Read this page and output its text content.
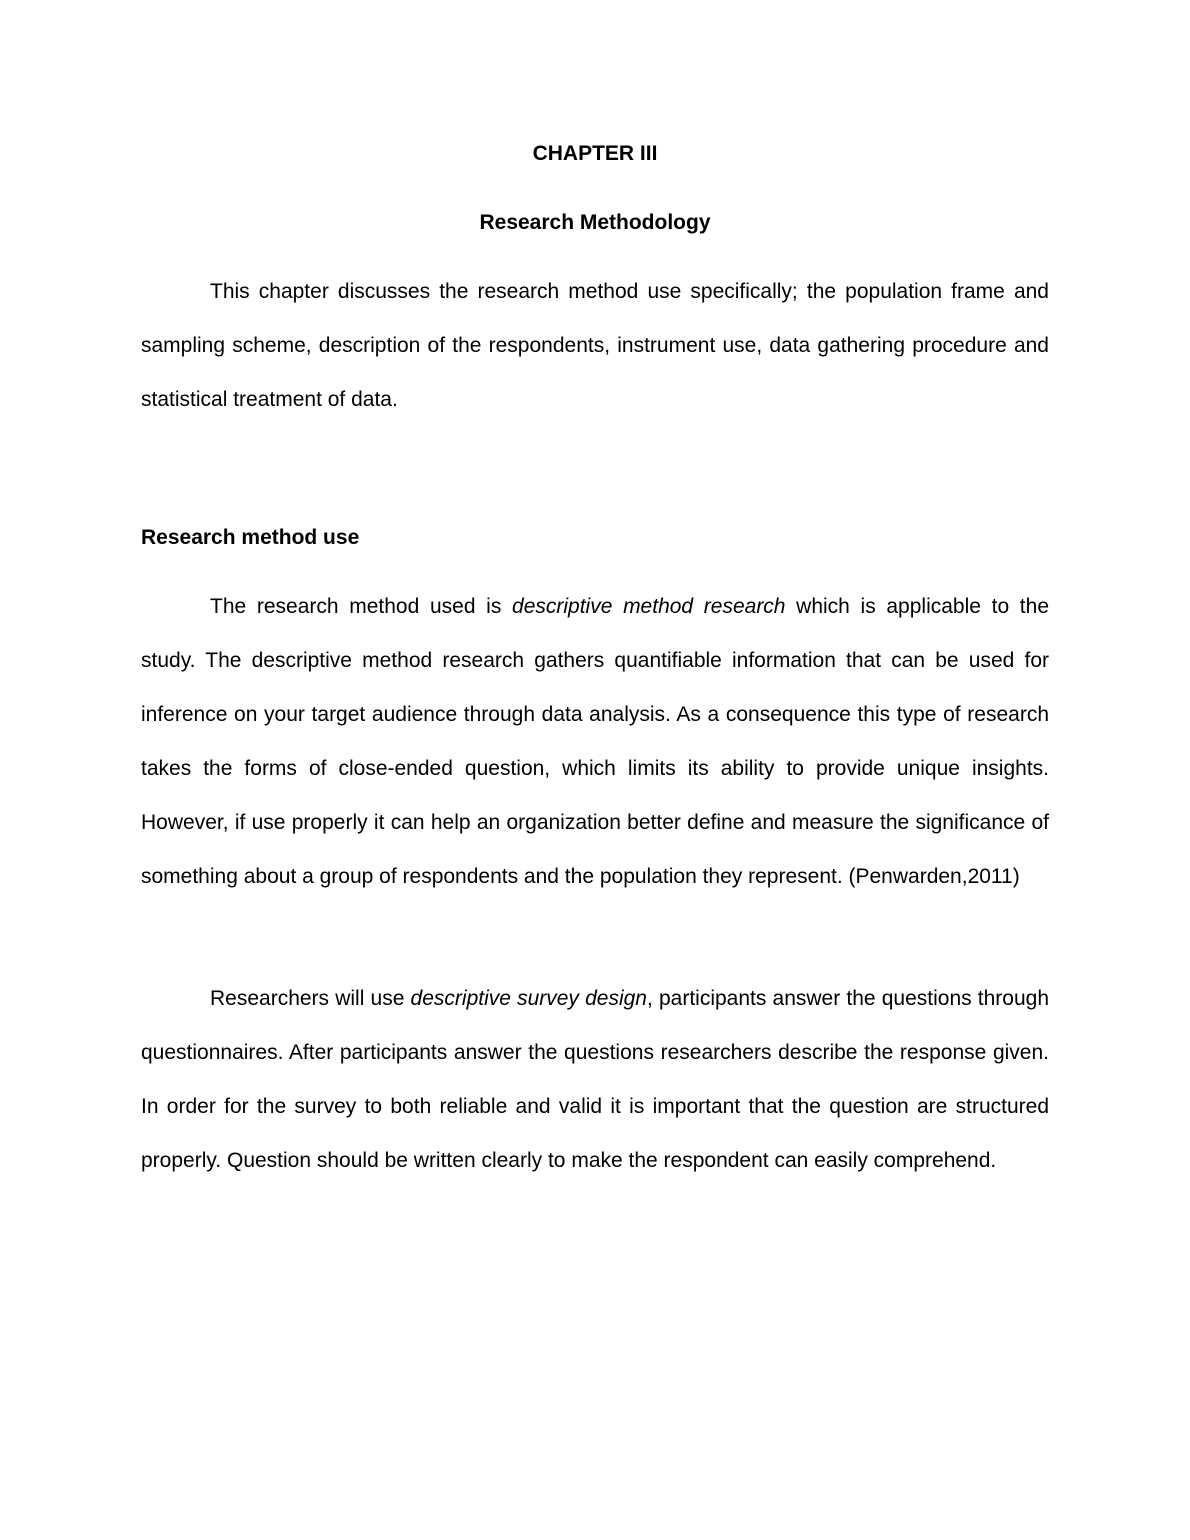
CHAPTER III
Research Methodology

This chapter discusses the research method use specifically; the population frame and sampling scheme, description of the respondents, instrument use, data gathering procedure and statistical treatment of data.

Research method use

The research method used is descriptive method research which is applicable to the study. The descriptive method research gathers quantifiable information that can be used for inference on your target audience through data analysis. As a consequence this type of research takes the forms of close-ended question, which limits its ability to provide unique insights. However, if use properly it can help an organization better define and measure the significance of something about a group of respondents and the population they represent. (Penwarden,2011)

Researchers will use descriptive survey design, participants answer the questions through questionnaires. After participants answer the questions researchers describe the response given. In order for the survey to both reliable and valid it is important that the question are structured properly. Question should be written clearly to make the respondent can easily comprehend.
